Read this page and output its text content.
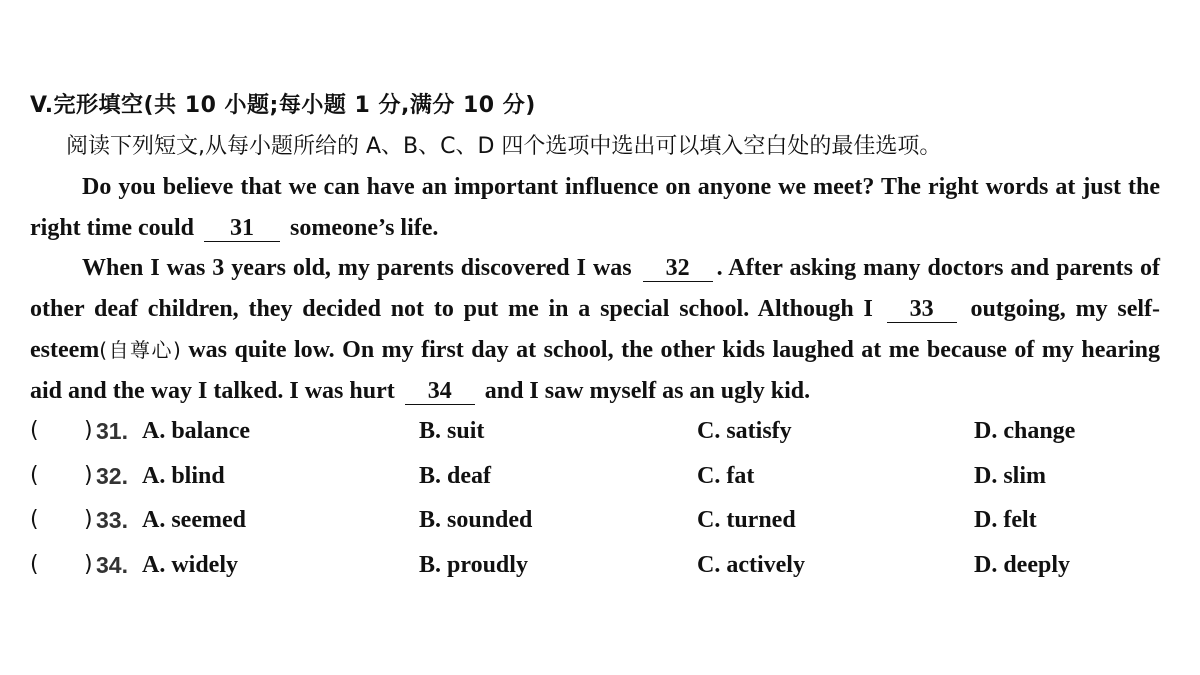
V.完形填空(共 10 小题;每小题 1 分,满分 10 分)
阅读下列短文,从每小题所给的 A、B、C、D 四个选项中选出可以填入空白处的最佳选项。
Do you believe that we can have an important influence on anyone we meet? The right words at just the right time could 31 someone’s life.
When I was 3 years old, my parents discovered I was 32 . After asking many doctors and parents of other deaf children, they decided not to put me in a special school. Although I 33 outgoing, my self-esteem(自尊心) was quite low. On my first day at school, the other kids laughed at me because of my hearing aid and the way I talked. I was hurt 34 and I saw myself as an ugly kid.
( ) 31. A. balance	B. suit	C. satisfy	D. change
( ) 32. A. blind	B. deaf	C. fat	D. slim
( ) 33. A. seemed	B. sounded	C. turned	D. felt
( ) 34. A. widely	B. proudly	C. actively	D. deeply
